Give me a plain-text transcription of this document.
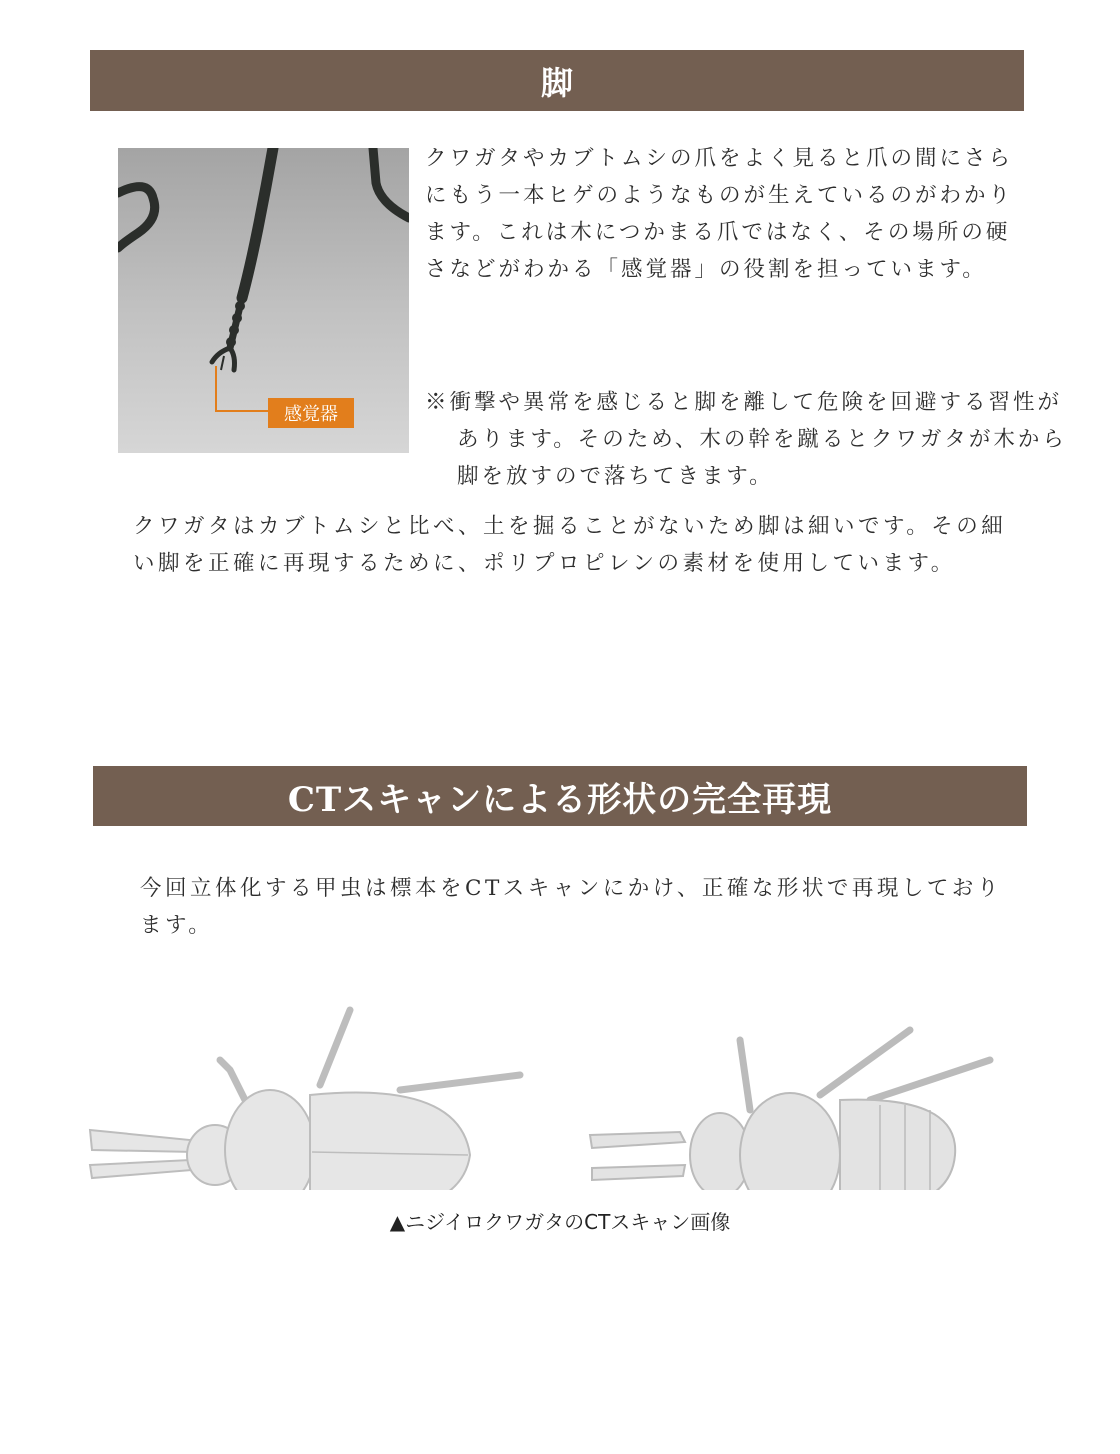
脚
感覚器

クワガタやカブトムシの爪をよく見ると爪の間にさらにもう一本ヒゲのようなものが生えているのがわかります。これは木につかまる爪ではなく、その場所の硬さなどがわかる「感覚器」の役割を担っています。

※衝撃や異常を感じると脚を離して危険を回避する習性があります。そのため、木の幹を蹴るとクワガタが木から脚を放すので落ちてきます。

クワガタはカブトムシと比べ、土を掘ることがないため脚は細いです。その細い脚を正確に再現するために、ポリプロピレンの素材を使用しています。

CTスキャンによる形状の完全再現

今回立体化する甲虫は標本をCTスキャンにかけ、正確な形状で再現しております。

▲ニジイロクワガタのCTスキャン画像
